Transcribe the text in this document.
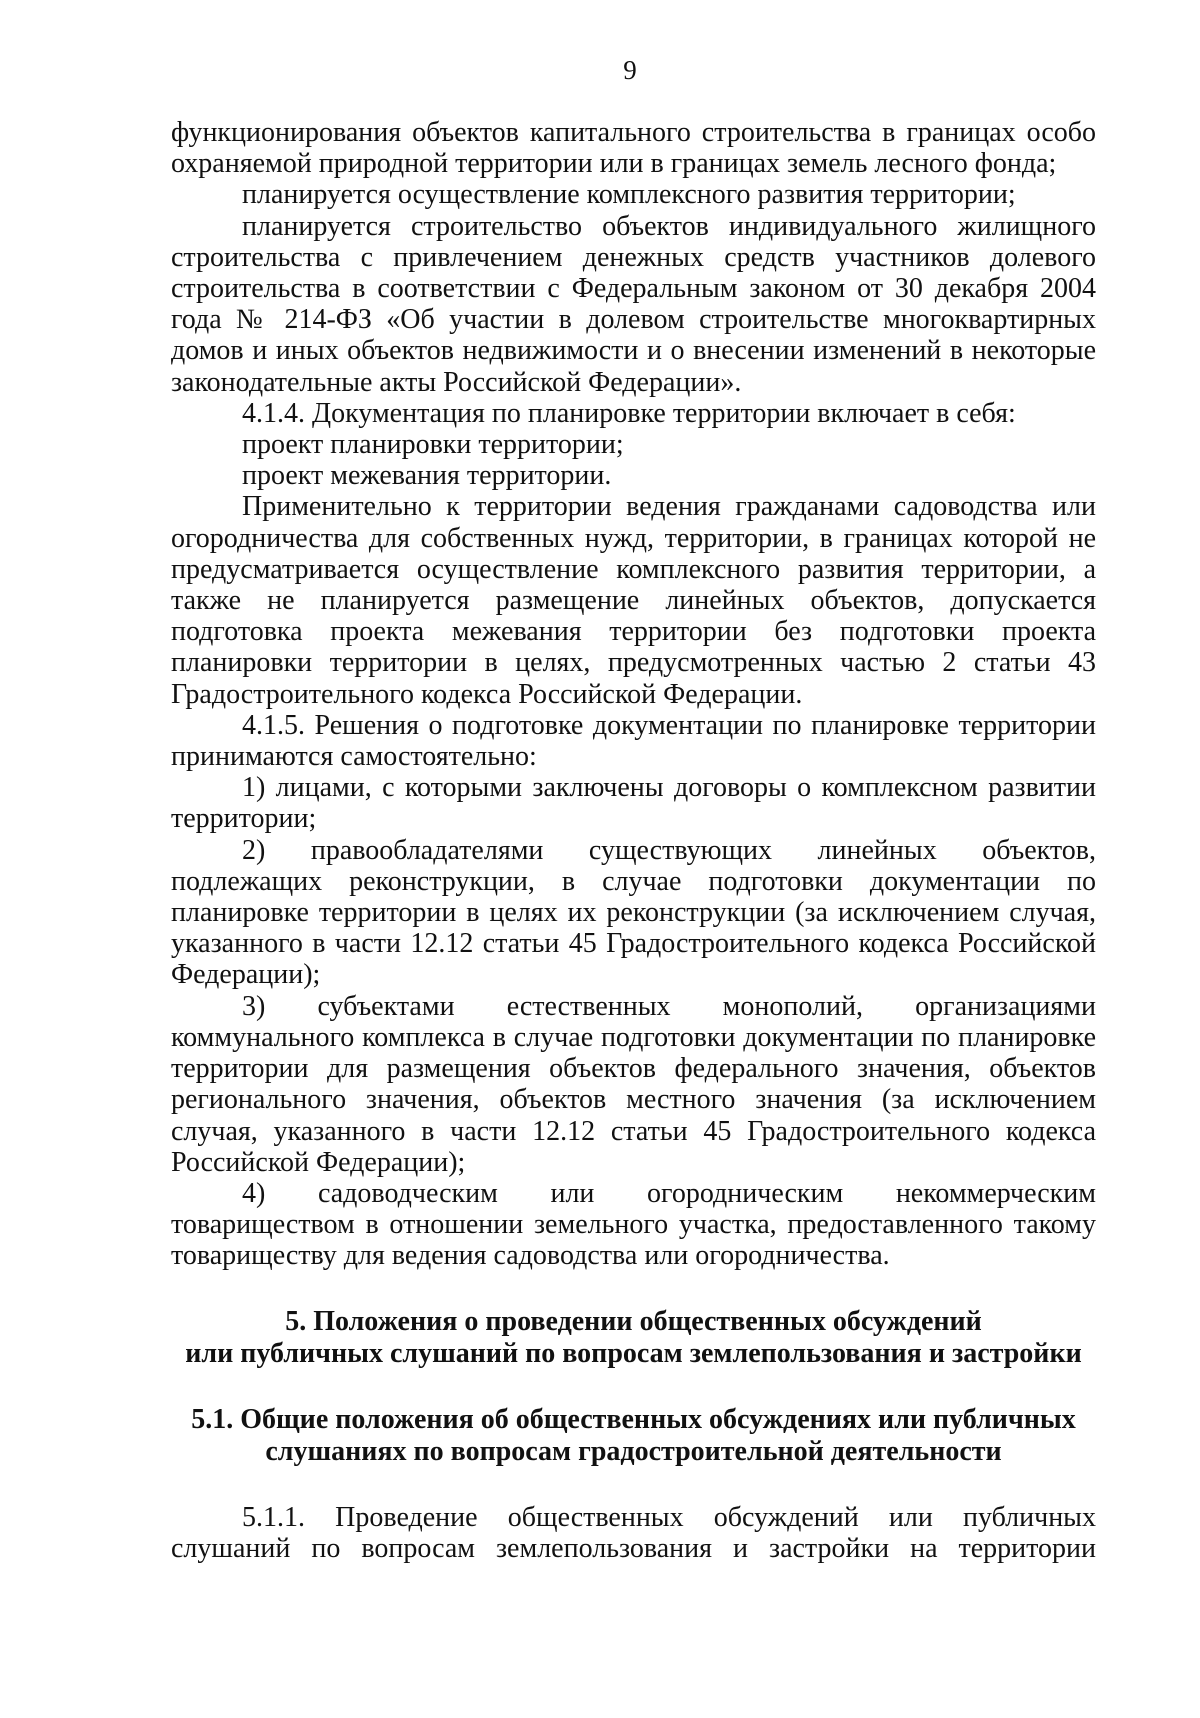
9

функционирования объектов капитального строительства в границах особо охраняемой природной территории или в границах земель лесного фонда;

планируется осуществление комплексного развития территории;

планируется строительство объектов индивидуального жилищного строительства с привлечением денежных средств участников долевого строительства в соответствии с Федеральным законом от 30 декабря 2004 года № 214-ФЗ «Об участии в долевом строительстве многоквартирных домов и иных объектов недвижимости и о внесении изменений в некоторые законодательные акты Российской Федерации».

4.1.4. Документация по планировке территории включает в себя:

проект планировки территории;

проект межевания территории.

Применительно к территории ведения гражданами садоводства или огородничества для собственных нужд, территории, в границах которой не предусматривается осуществление комплексного развития территории, а также не планируется размещение линейных объектов, допускается подготовка проекта межевания территории без подготовки проекта планировки территории в целях, предусмотренных частью 2 статьи 43 Градостроительного кодекса Российской Федерации.

4.1.5. Решения о подготовке документации по планировке территории принимаются самостоятельно:

1) лицами, с которыми заключены договоры о комплексном развитии территории;

2) правообладателями существующих линейных объектов, подлежащих реконструкции, в случае подготовки документации по планировке территории в целях их реконструкции (за исключением случая, указанного в части 12.12 статьи 45 Градостроительного кодекса Российской Федерации);

3) субъектами естественных монополий, организациями коммунального комплекса в случае подготовки документации по планировке территории для размещения объектов федерального значения, объектов регионального значения, объектов местного значения (за исключением случая, указанного в части 12.12 статьи 45 Градостроительного кодекса Российской Федерации);

4) садоводческим или огородническим некоммерческим товариществом в отношении земельного участка, предоставленного такому товариществу для ведения садоводства или огородничества.

5. Положения о проведении общественных обсуждений

или публичных слушаний по вопросам землепользования и застройки

5.1. Общие положения об общественных обсуждениях или публичных

слушаниях по вопросам градостроительной деятельности

5.1.1. Проведение общественных обсуждений или публичных слушаний по вопросам землепользования и застройки на территории
